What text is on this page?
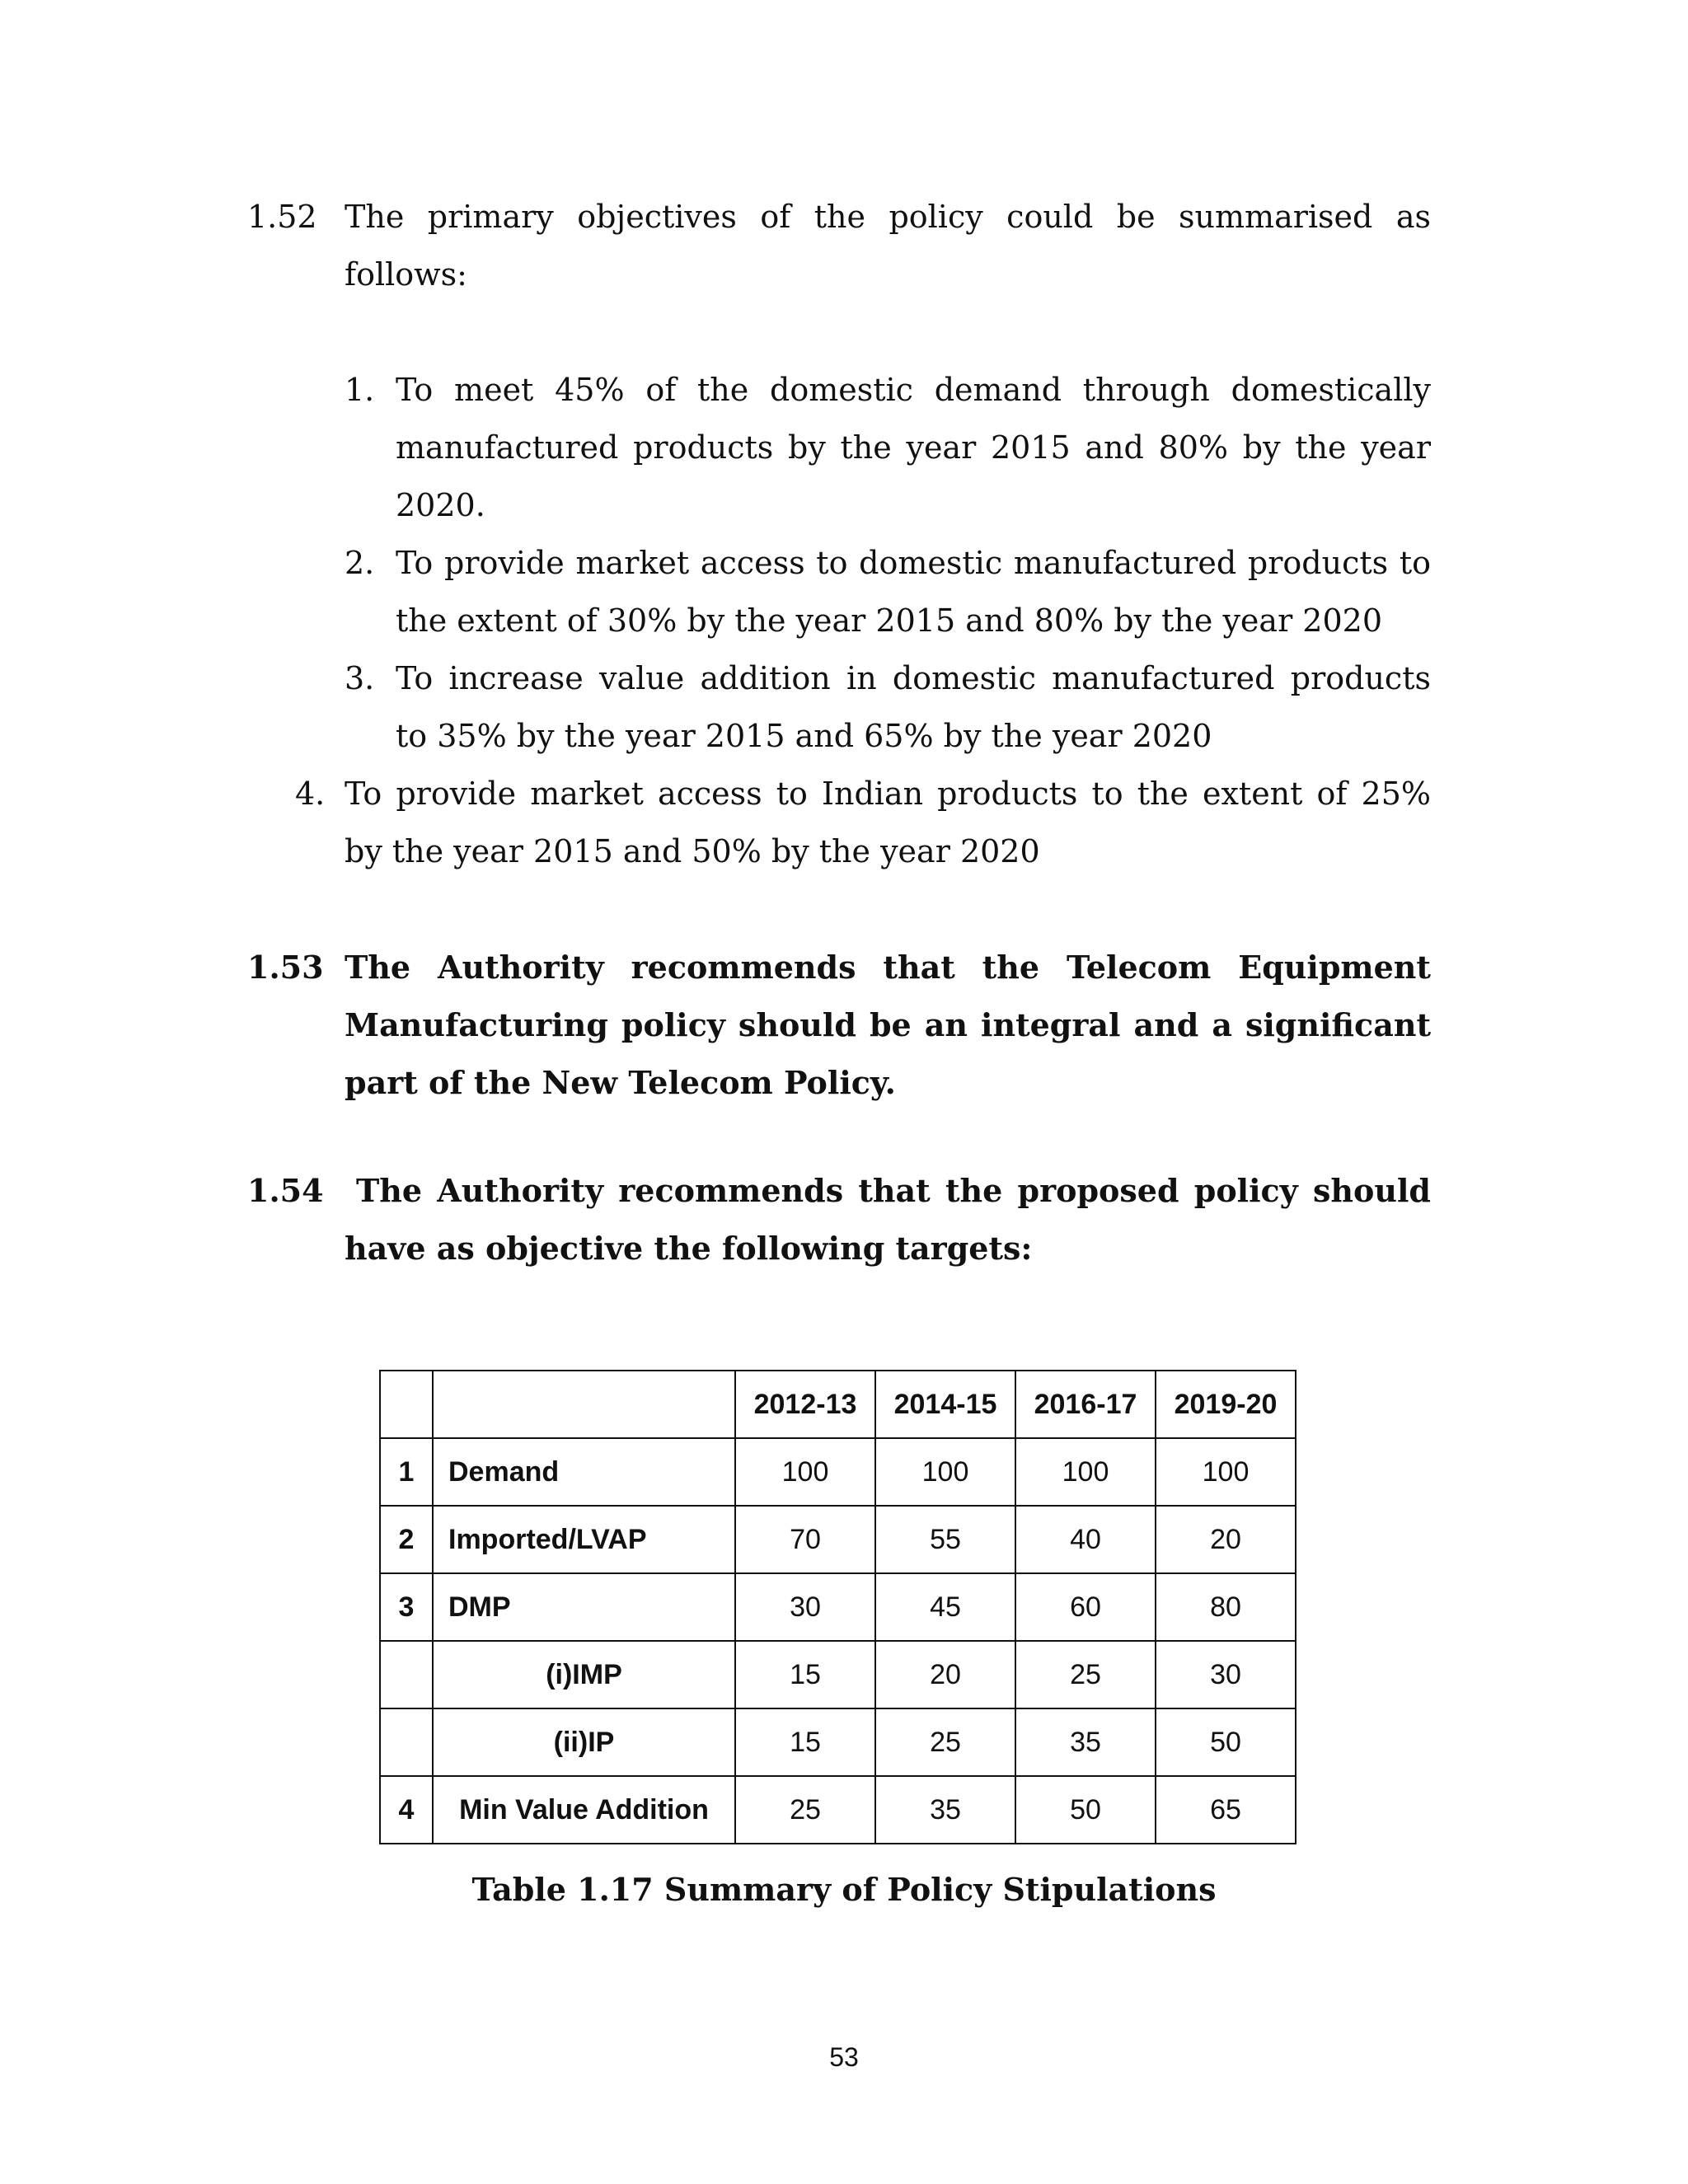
1.52 The primary objectives of the policy could be summarised as
follows:
1. To meet 45% of the domestic demand through domestically
manufactured products by the year 2015 and 80% by the year
2020.
2. To provide market access to domestic manufactured products to
the extent of 30% by the year 2015 and 80% by the year 2020
3. To increase value addition in domestic manufactured products
to 35% by the year 2015 and 65% by the year 2020
4. To provide market access to Indian products to the extent of 25%
by the year 2015 and 50% by the year 2020
1.53 The Authority recommends that the Telecom Equipment
Manufacturing policy should be an integral and a significant
part of the New Telecom Policy.
1.54	The Authority recommends that the proposed policy should
have as objective the following targets:
		2012-13	2014-15	2016-17	2019-20
1	Demand	100	100	100	100
2	Imported/LVAP	70	55	40	20
3	DMP	30	45	60	80
	(i)IMP	15	20	25	30
	(ii)IP	15	25	35	50
4	Min Value Addition	25	35	50	65
Table 1.17 Summary of Policy Stipulations
53
